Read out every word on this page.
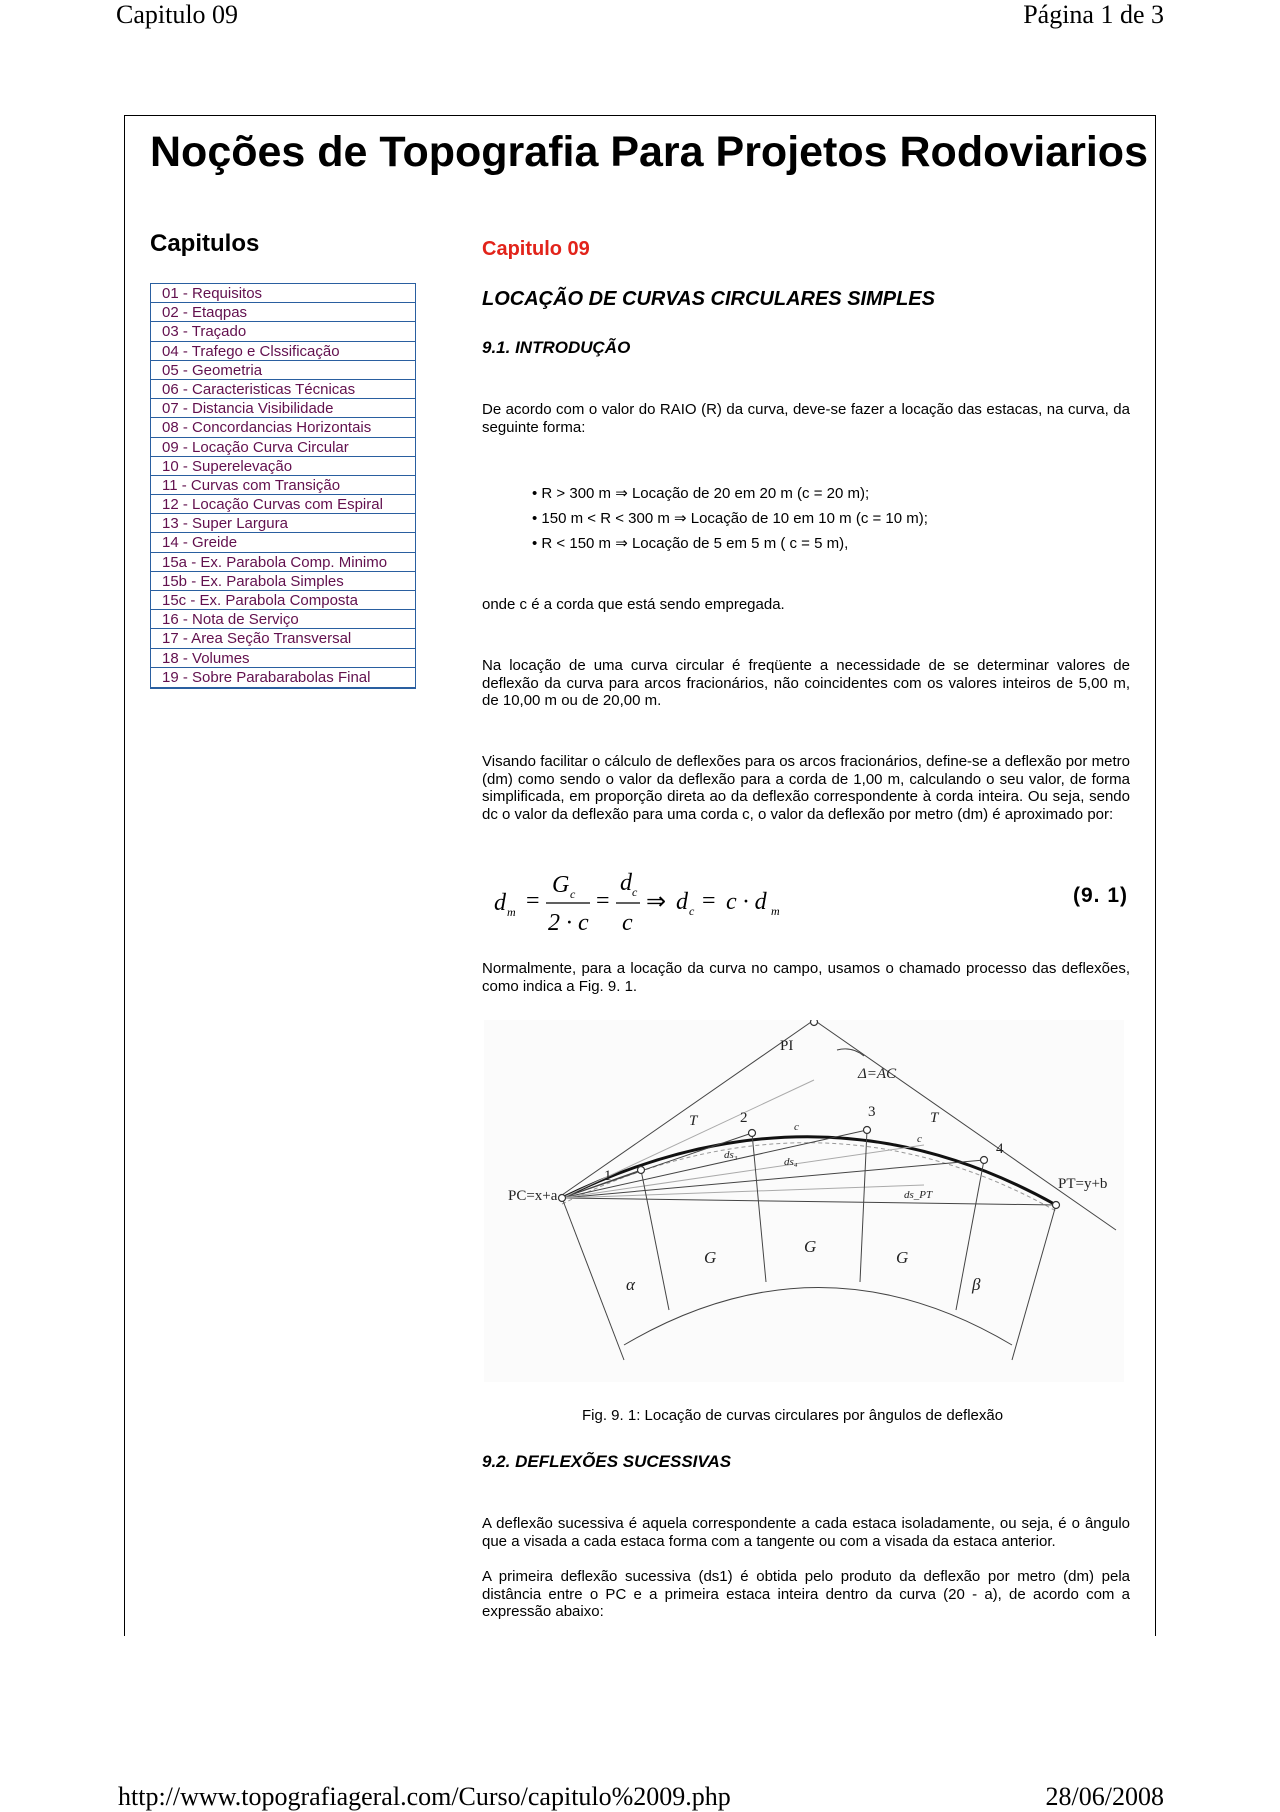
Capitulo 09	Página 1 de 3
Noções de Topografia Para Projetos Rodoviarios
Capitulos
01 - Requisitos
02 - Etaqpas
03 - Traçado
04 - Trafego e Clssificação
05 - Geometria
06 - Caracteristicas Técnicas
07 - Distancia Visibilidade
08 - Concordancias Horizontais
09 - Locação Curva Circular
10 - Superelevação
11 - Curvas com Transição
12 - Locação Curvas com Espiral
13 - Super Largura
14 - Greide
15a - Ex. Parabola Comp. Minimo
15b - Ex. Parabola Simples
15c - Ex. Parabola Composta
16 - Nota de Serviço
17 - Area Seção Transversal
18 - Volumes
19 - Sobre Parabarabolas Final
Capitulo 09
LOCAÇÃO DE CURVAS CIRCULARES SIMPLES
9.1. INTRODUÇÃO
De acordo com o valor do RAIO (R) da curva, deve-se fazer a locação das estacas, na curva, da seguinte forma:
• R > 300 m ⇒ Locação de 20 em 20 m (c = 20 m);
• 150 m < R < 300 m ⇒ Locação de 10 em 10 m (c = 10 m);
• R < 150 m ⇒ Locação de 5 em 5 m ( c = 5 m),
onde c é a corda que está sendo empregada.
Na locação de uma curva circular é freqüente a necessidade de se determinar valores de deflexão da curva para arcos fracionários, não coincidentes com os valores inteiros de 5,00 m, de 10,00 m ou de 20,00 m.
Visando facilitar o cálculo de deflexões para os arcos fracionários, define-se a deflexão por metro (dm) como sendo o valor da deflexão para a corda de 1,00 m, calculando o seu valor, de forma simplificada, em proporção direta ao da deflexão correspondente à corda inteira. Ou seja, sendo dc o valor da deflexão para uma corda c, o valor da deflexão por metro (dm) é aproximado por:
d m =
G c
2 · c
=
d c
c
⇒ d c = c · d m
(9. 1)
Normalmente, para a locação da curva no campo, usamos o chamado processo das deflexões, como indica a Fig. 9. 1.
PI
Δ=AC
T	T
PC=x+a
PT=y+b
1
2	3
4
ds₃
ds₄
ds_PT
c
c
G
G
G
α	β
Fig. 9. 1: Locação de curvas circulares por ângulos de deflexão
9.2. DEFLEXÕES SUCESSIVAS
A deflexão sucessiva é aquela correspondente a cada estaca isoladamente, ou seja, é o ângulo que a visada a cada estaca forma com a tangente ou com a visada da estaca anterior.
A primeira deflexão sucessiva (ds1) é obtida pelo produto da deflexão por metro (dm) pela distância entre o PC e a primeira estaca inteira dentro da curva (20 - a), de acordo com a expressão abaixo:
http://www.topografiageral.com/Curso/capitulo%2009.php	28/06/2008
